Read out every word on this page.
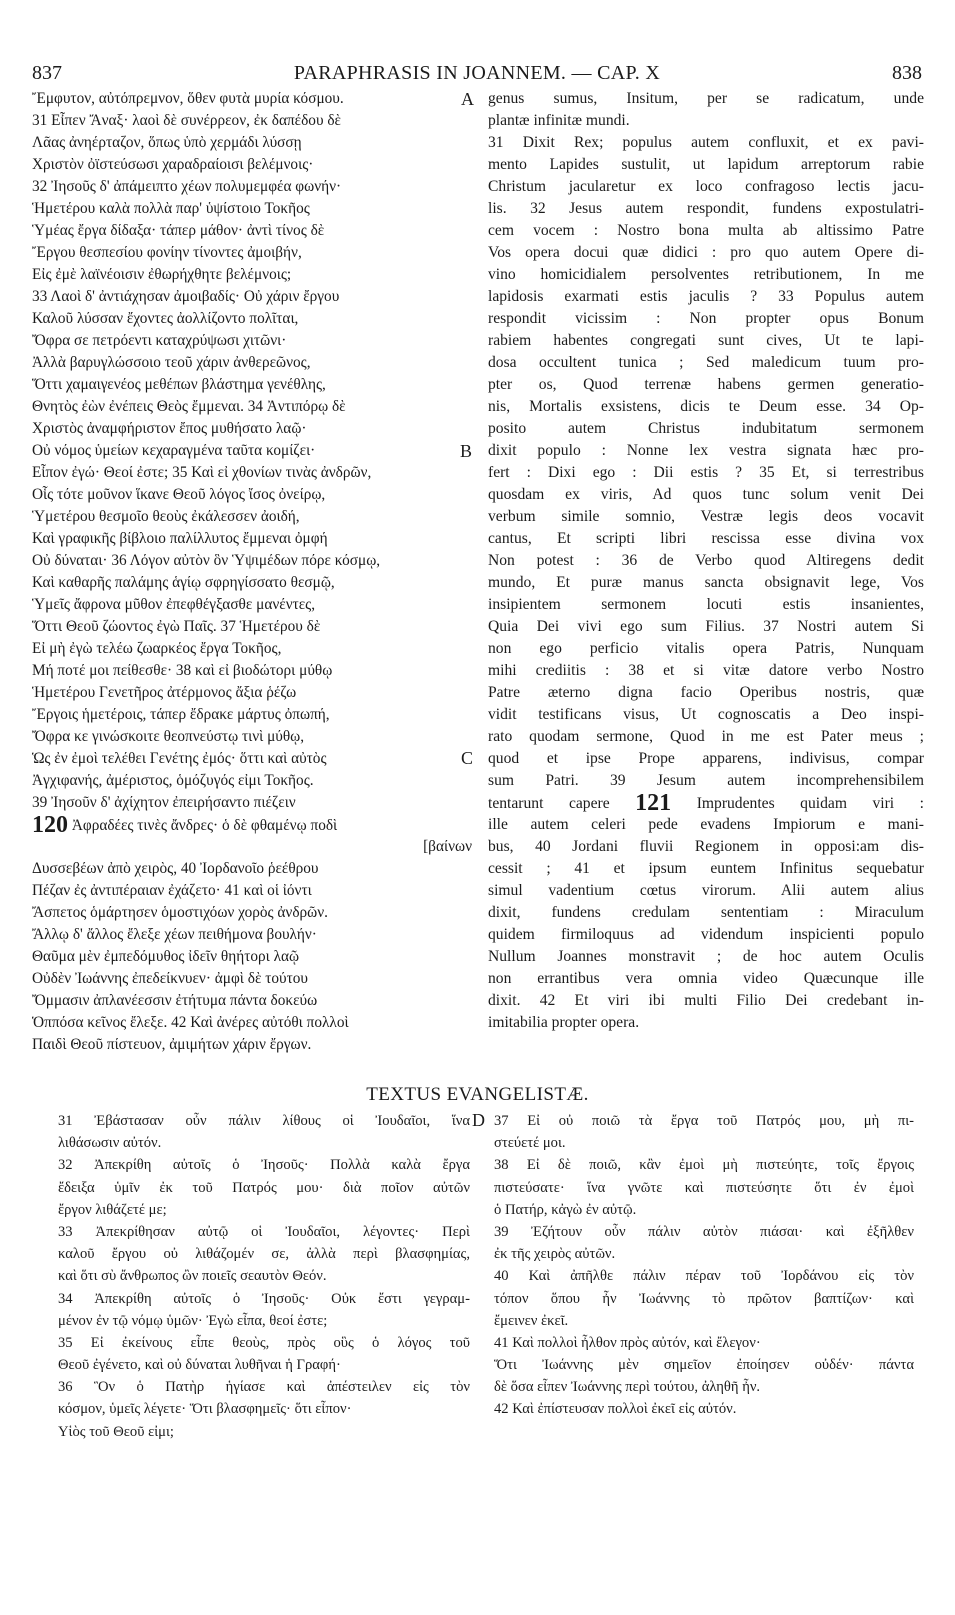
837	PARAPHRASIS IN JOANNEM. — CAP. X	838
A
B
C
D
Ἔμφυτον, αὐτόπρεμνον, ὅθεν φυτὰ μυρία κόσμου.
31 Εἶπεν Ἄναξ· λαοὶ δὲ συνέρρεον, ἐκ δαπέδου δὲ
Λᾶας ἀνηέρταζον, ὅπως ὑπὸ χερμάδι λύσσῃ
Χριστὸν ὀϊστεύσωσι χαραδραίοισι βελέμνοις·
32 Ἰησοῦς δ' ἀπάμειπτο χέων πολυμεμφέα φωνήν·
Ἡμετέρου καλὰ πολλὰ παρ' ὑψίστοιο Τοκῆος
Ὑμέας ἔργα δίδαξα· τάπερ μάθον· ἀντὶ τίνος δὲ
Ἔργου θεσπεσίου φονίην τίνοντες ἀμοιβήν,
Εἰς ἐμὲ λαϊνέοισιν ἐθωρήχθητε βελέμνοις;
33 Λαοὶ δ' ἀντιάχησαν ἀμοιβαδίς· Οὐ χάριν ἔργου
Καλοῦ λύσσαν ἔχοντες ἀολλίζοντο πολῖται,
Ὄφρα σε πετρόεντι καταχρύψωσι χιτῶνι·
Ἀλλὰ βαρυγλώσσοιο τεοῦ χάριν ἀνθερεῶνος,
Ὅττι χαμαιγενέος μεθέπων βλάστημα γενέθλης,
Θνητὸς ἐὼν ἐνέπεις Θεὸς ἔμμεναι. 34 Ἀντιπόρῳ δὲ
Χριστὸς ἀναμφήριστον ἔπος μυθήσατο λαῷ·
Οὐ νόμος ὑμείων κεχαραγμένα ταῦτα κομίζει·
Εἶπον ἐγώ· Θεοί ἐστε; 35 Καὶ εἰ χθονίων τινὰς ἀνδρῶν,
Οἷς τότε μοῦνον ἵκανε Θεοῦ λόγος ἴσος ὀνείρῳ,
Ὑμετέρου θεσμοῖο θεοὺς ἐκάλεσσεν ἀοιδή,
Καὶ γραφικῆς βίβλοιο παλίλλυτος ἔμμεναι ὀμφή
Οὐ δύναται· 36 Λόγον αὐτὸν ὃν Ὑψιμέδων πόρε κόσμῳ,
Καὶ καθαρῆς παλάμης ἁγίῳ σφρηγίσσατο θεσμῷ,
Ὑμεῖς ἄφρονα μῦθον ἐπεφθέγξασθε μανέντες,
Ὅττι Θεοῦ ζώοντος ἐγὼ Παῖς. 37 Ἡμετέρου δὲ
Εἰ μὴ ἐγὼ τελέω ζωαρκέος ἔργα Τοκῆος,
Μή ποτέ μοι πείθεσθε· 38 καὶ εἰ βιοδώτορι μύθῳ
Ἡμετέρου Γενετῆρος ἀτέρμονος ἄξια ῥέζω
Ἔργοις ἡμετέροις, τάπερ ἔδρακε μάρτυς ὀπωπή,
Ὄφρα κε γινώσκοιτε θεοπνεύστῳ τινὶ μύθῳ,
Ὡς ἐν ἐμοὶ τελέθει Γενέτης ἐμός· ὅττι καὶ αὐτὸς
Ἀγχιφανής, ἀμέριστος, ὁμόζυγός εἰμι Τοκῆος.
39 Ἰησοῦν δ' ἀχίχητον ἐπειρήσαντο πιέζειν
120 Ἀφραδέες τινὲς ἄνδρες· ὁ δὲ φθαμένῳ ποδὶ
[βαίνων
Δυσσεβέων ἀπὸ χειρὸς, 40 Ἰορδανοῖο ῥεέθρου
Πέζαν ἐς ἀντιπέραιαν ἐχάζετο· 41 καὶ οἱ ἰόντι
Ἄσπετος ὁμάρτησεν ὁμοστιχόων χορὸς ἀνδρῶν.
Ἄλλῳ δ' ἄλλος ἔλεξε χέων πειθήμονα βουλήν·
Θαῦμα μὲν ἐμπεδόμυθος ἰδεῖν θηήτορι λαῷ
Οὐδὲν Ἰωάννης ἐπεδείκνυεν· ἀμφὶ δὲ τούτου
Ὄμμασιν ἀπλανέεσσιν ἐτήτυμα πάντα δοκεύω
Ὁππόσα κεῖνος ἔλεξε. 42 Καὶ ἀνέρες αὐτόθι πολλοὶ
Παιδὶ Θεοῦ πίστευον, ἀμιμήτων χάριν ἔργων.
genus sumus, Insitum, per se radicatum, unde
plantæ infinitæ mundi.
31 Dixit Rex; populus autem confluxit, et ex pavi-
mento Lapides sustulit, ut lapidum arreptorum rabie
Christum jacularetur ex loco confragoso lectis jacu-
lis. 32 Jesus autem respondit, fundens expostulatri-
cem vocem : Nostro bona multa ab altissimo Patre
Vos opera docui quæ didici : pro quo autem Opere di-
vino homicidialem persolventes retributionem, In me
lapidosis exarmati estis jaculis ? 33 Populus autem
respondit vicissim : Non propter opus Bonum
rabiem habentes congregati sunt cives, Ut te lapi-
dosa occultent tunica ; Sed maledicum tuum pro-
pter os, Quod terrenæ habens germen generatio-
nis, Mortalis exsistens, dicis te Deum esse. 34 Op-
posito autem Christus indubitatum sermonem
dixit populo : Nonne lex vestra signata hæc pro-
fert : Dixi ego : Dii estis ? 35 Et, si terrestribus
quosdam ex viris, Ad quos tunc solum venit Dei
verbum simile somnio, Vestræ legis deos vocavit
cantus, Et scripti libri rescissa esse divina vox
Non potest : 36 de Verbo quod Altiregens dedit
mundo, Et puræ manus sancta obsignavit lege, Vos
insipientem sermonem locuti estis insanientes,
Quia Dei vivi ego sum Filius. 37 Nostri autem Si
non ego perficio vitalis opera Patris, Nunquam
mihi crediitis : 38 et si vitæ datore verbo Nostro
Patre æterno digna facio Operibus nostris, quæ
vidit testificans visus, Ut cognoscatis a Deo inspi-
rato quodam sermone, Quod in me est Pater meus ;
quod et ipse Prope apparens, indivisus, compar
sum Patri. 39 Jesum autem incomprehensibilem
tentarunt capere 121 Imprudentes quidam viri :
ille autem celeri pede evadens Impiorum e mani-
bus, 40 Jordani fluvii Regionem in opposi:am dis-
cessit ; 41 et ipsum euntem Infinitus sequebatur
simul vadentium cœtus virorum. Alii autem alius
dixit, fundens credulam sententiam : Miraculum
quidem firmiloquus ad videndum inspicienti populo
Nullum Joannes monstravit ; de hoc autem Oculis
non errantibus vera omnia video Quæcunque ille
dixit. 42 Et viri ibi multi Filio Dei credebant in-
imitabilia propter opera.
TEXTUS EVANGELISTÆ.
31 Ἐβάστασαν οὖν πάλιν λίθους οἱ Ἰουδαῖοι, ἵνα
λιθάσωσιν αὐτόν.
32 Ἀπεκρίθη αὐτοῖς ὁ Ἰησοῦς· Πολλὰ καλὰ ἔργα
ἔδειξα ὑμῖν ἐκ τοῦ Πατρός μου· διὰ ποῖον αὐτῶν
ἔργον λιθάζετέ με;
33 Ἀπεκρίθησαν αὐτῷ οἱ Ἰουδαῖοι, λέγοντες· Περὶ
καλοῦ ἔργου οὐ λιθάζομέν σε, ἀλλὰ περὶ βλασφημίας,
καὶ ὅτι σὺ ἄνθρωπος ὢν ποιεῖς σεαυτὸν Θεόν.
34 Ἀπεκρίθη αὐτοῖς ὁ Ἰησοῦς· Οὐκ ἔστι γεγραμ-
μένον ἐν τῷ νόμῳ ὑμῶν· Ἐγὼ εἶπα, θεοί ἐστε;
35 Εἰ ἐκείνους εἶπε θεοὺς, πρὸς οὓς ὁ λόγος τοῦ
Θεοῦ ἐγένετο, καὶ οὐ δύναται λυθῆναι ἡ Γραφή·
36 Ὃν ὁ Πατὴρ ἡγίασε καὶ ἀπέστειλεν εἰς τὸν
κόσμον, ὑμεῖς λέγετε· Ὅτι βλασφημεῖς· ὅτι εἶπον·
Υἱὸς τοῦ Θεοῦ εἰμι;
37 Εἰ οὐ ποιῶ τὰ ἔργα τοῦ Πατρός μου, μὴ πι-
στεύετέ μοι.
38 Εἰ δὲ ποιῶ, κἂν ἐμοὶ μὴ πιστεύητε, τοῖς ἔργοις
πιστεύσατε· ἵνα γνῶτε καὶ πιστεύσητε ὅτι ἐν ἐμοὶ
ὁ Πατήρ, κἀγὼ ἐν αὐτῷ.
39 Ἐζήτουν οὖν πάλιν αὐτὸν πιάσαι· καὶ ἐξῆλθεν
ἐκ τῆς χειρὸς αὐτῶν.
40 Καὶ ἀπῆλθε πάλιν πέραν τοῦ Ἰορδάνου εἰς τὸν
τόπον ὅπου ἦν Ἰωάννης τὸ πρῶτον βαπτίζων· καὶ
ἔμεινεν ἐκεῖ.
41 Καὶ πολλοὶ ἦλθον πρὸς αὐτόν, καὶ ἔλεγον·
Ὅτι Ἰωάννης μὲν σημεῖον ἐποίησεν οὐδέν· πάντα
δὲ ὅσα εἶπεν Ἰωάννης περὶ τούτου, ἀληθῆ ἦν.
42 Καὶ ἐπίστευσαν πολλοὶ ἐκεῖ εἰς αὐτόν.
